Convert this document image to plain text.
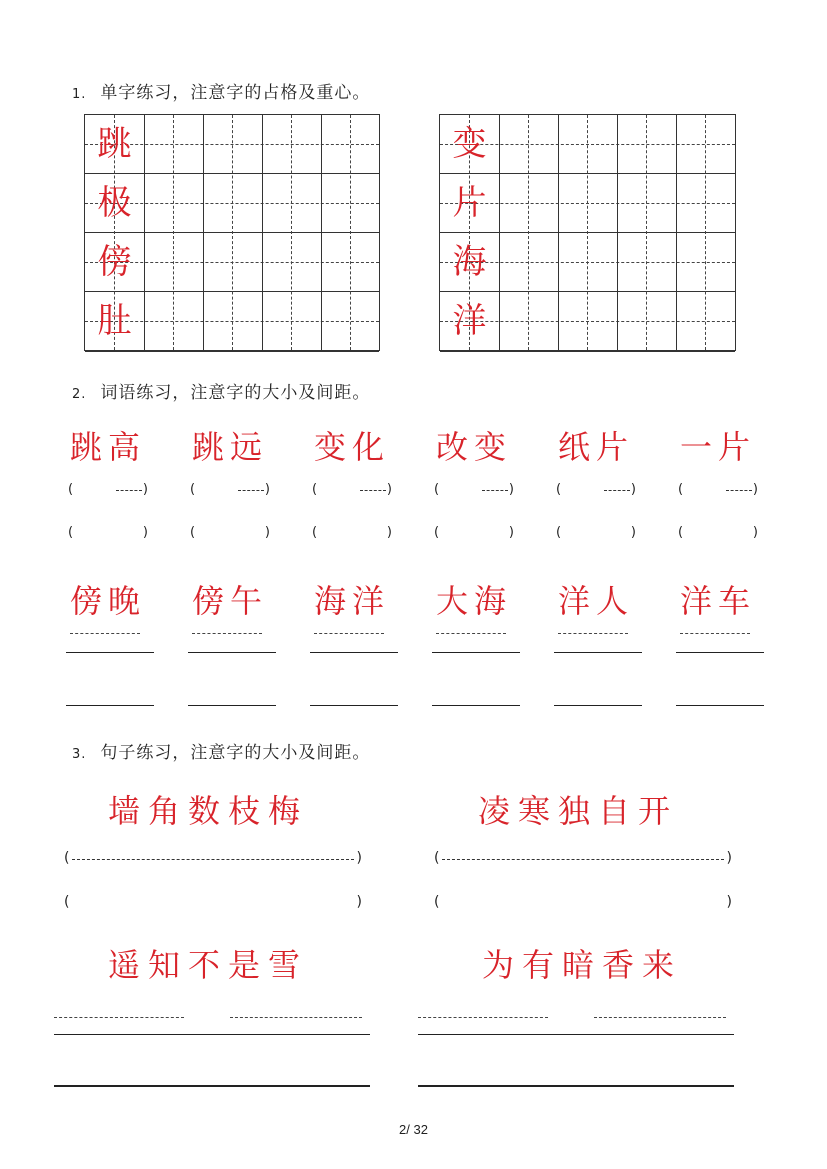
1. 单字练习，注意字的占格及重心。
跳
极
傍
肚
变
片
海
洋
2. 词语练习，注意字的大小及间距。
跳高
(	)
(	)
跳远
(	)
(	)
变化
(	)
(	)
改变
(	)
(	)
纸片
(	)
(	)
一片
(	)
(	)
傍晚 傍午 海洋 大海 洋人 洋车
3. 句子练习，注意字的大小及间距。
墙角数枝梅	凌寒独自开
(	)	(	)
(	)	(	)
遥知不是雪	为有暗香来
2/ 32
